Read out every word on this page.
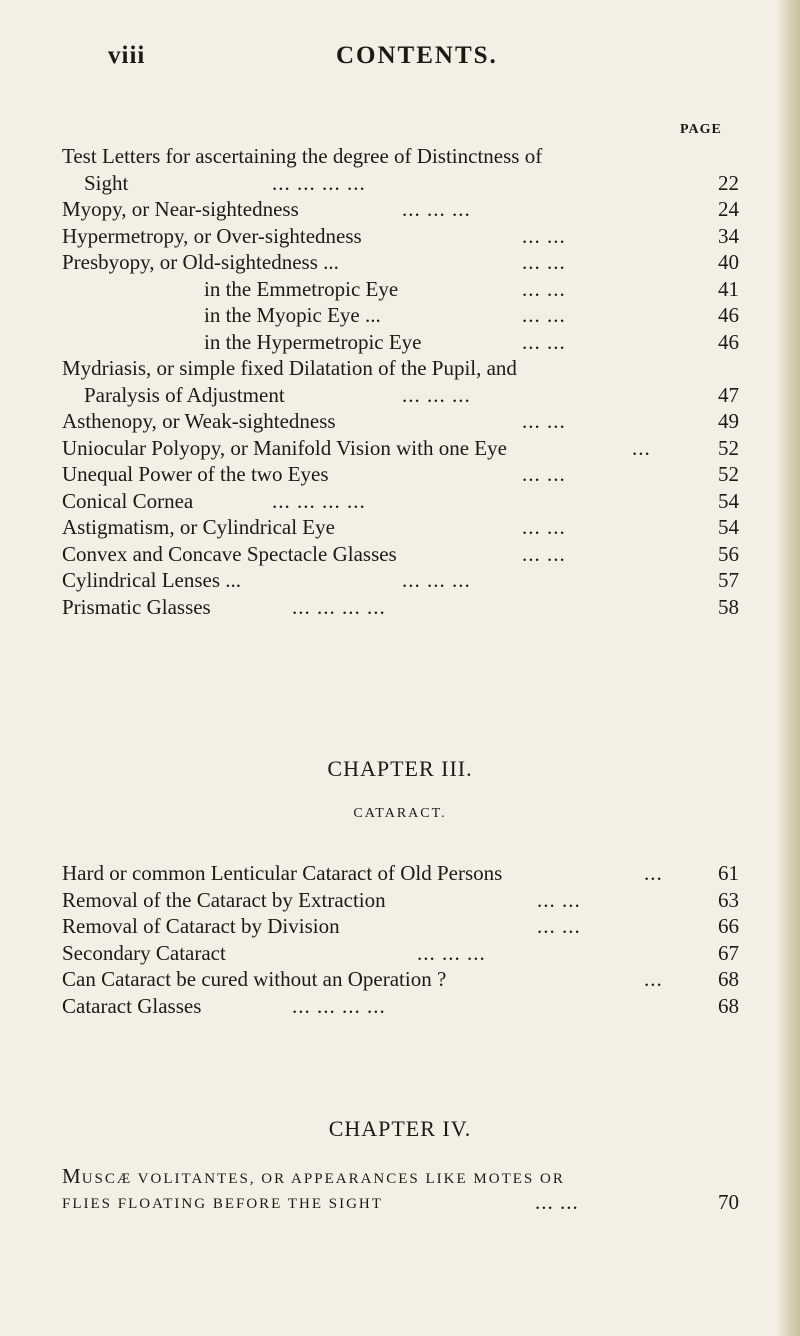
viii	CONTENTS.
PAGE
Test Letters for ascertaining the degree of Distinctness of
Sight	... ... ... ...	22
Myopy, or Near-sightedness	... ... ...	24
Hypermetropy, or Over-sightedness	... ...	34
Presbyopy, or Old-sightedness ...	... ...	40
in the Emmetropic Eye	... ...	41
in the Myopic Eye ...	... ...	46
in the Hypermetropic Eye	... ...	46
Mydriasis, or simple fixed Dilatation of the Pupil, and
Paralysis of Adjustment	... ... ...	47
Asthenopy, or Weak-sightedness	... ...	49
Uniocular Polyopy, or Manifold Vision with one Eye	...	52
Unequal Power of the two Eyes	... ...	52
Conical Cornea	... ... ... ...	54
Astigmatism, or Cylindrical Eye	... ...	54
Convex and Concave Spectacle Glasses	... ...	56
Cylindrical Lenses ...	... ... ...	57
Prismatic Glasses	... ... ... ...	58
CHAPTER III.
CATARACT.
Hard or common Lenticular Cataract of Old Persons	...	61
Removal of the Cataract by Extraction	... ...	63
Removal of Cataract by Division	... ...	66
Secondary Cataract	... ... ...	67
Can Cataract be cured without an Operation ?	...	68
Cataract Glasses	... ... ... ...	68
CHAPTER IV.
MUSCÆ VOLITANTES, OR APPEARANCES LIKE MOTES OR
FLIES FLOATING BEFORE THE SIGHT	... ...	70
